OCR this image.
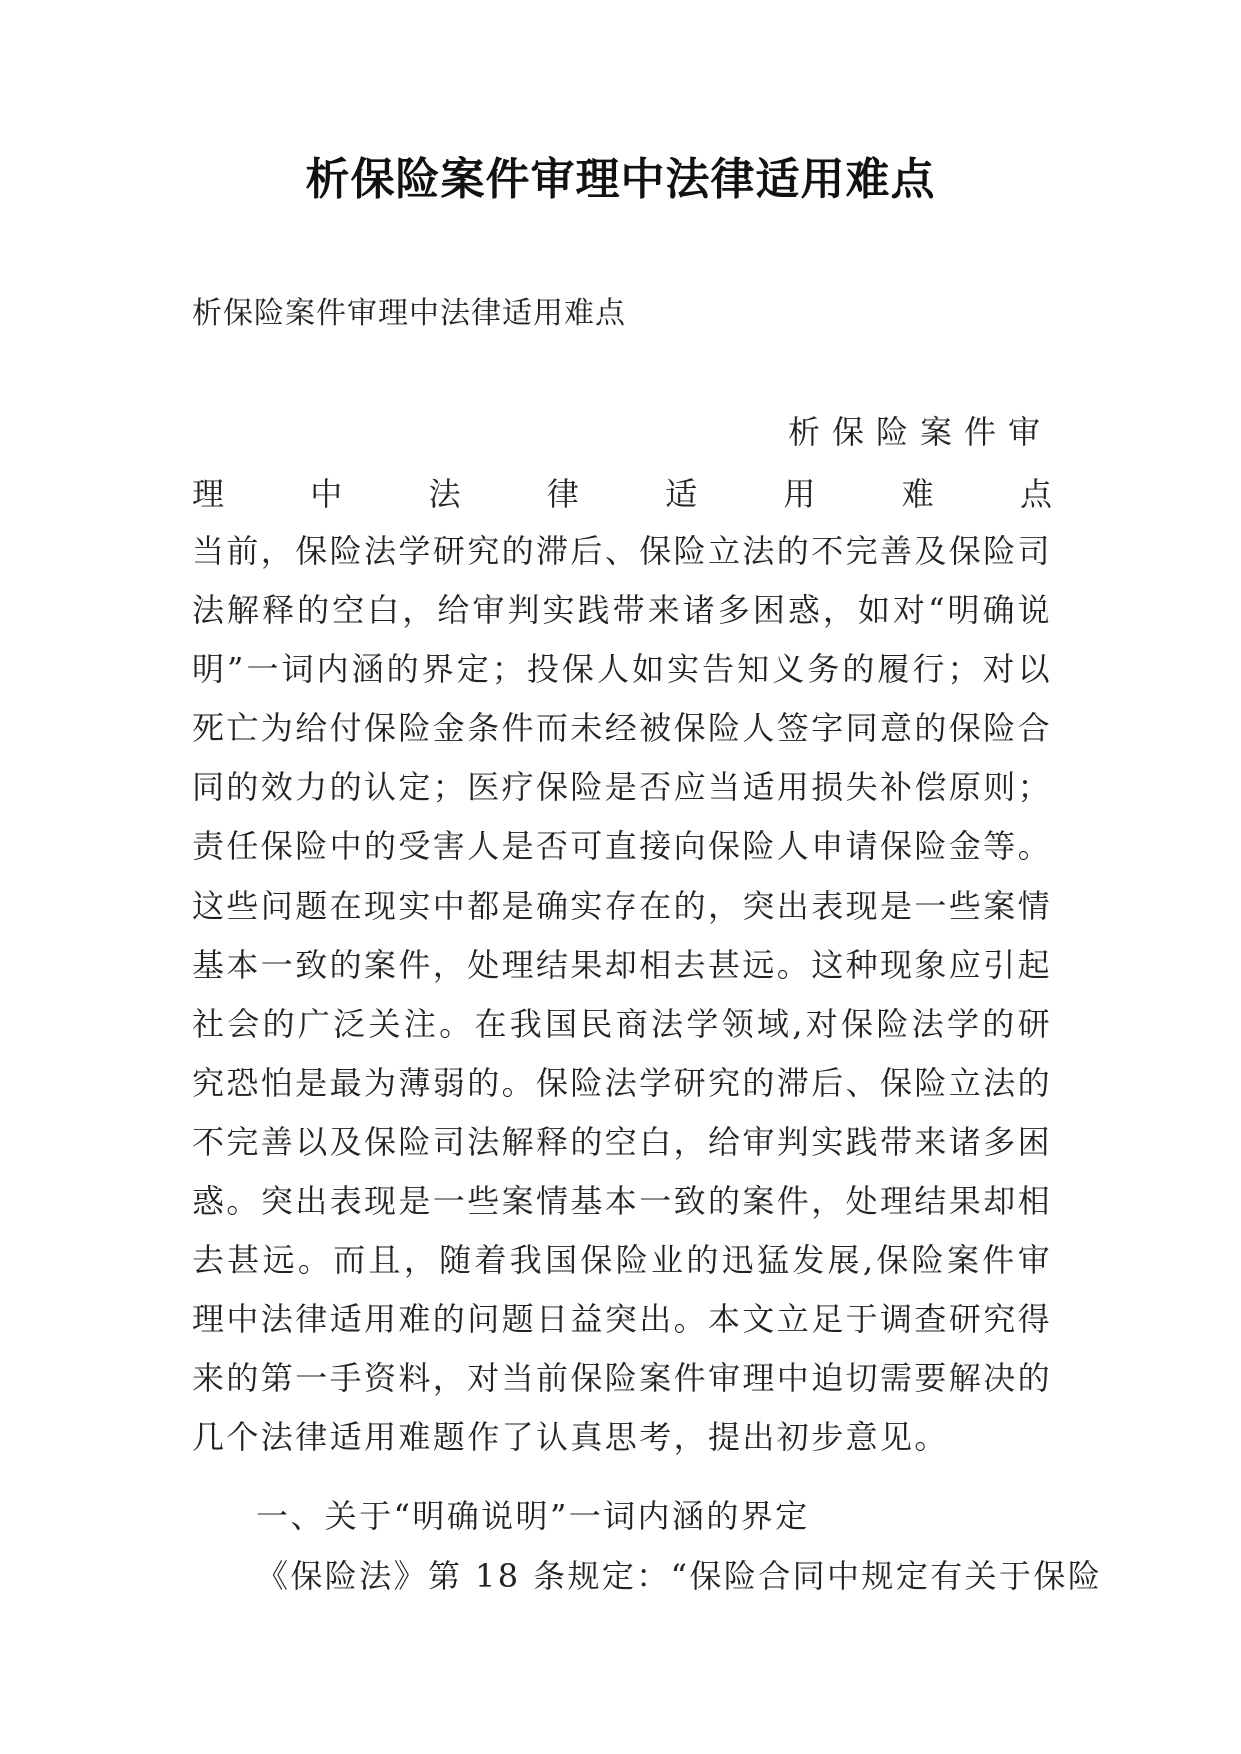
析保险案件审理中法律适用难点
析保险案件审理中法律适用难点
析保险案件审
理	中	法	律	适	用	难	点
当前，保险法学研究的滞后、保险立法的不完善及保险司法解释的空白，给审判实践带来诸多困惑，如对“明确说明”一词内涵的界定；投保人如实告知义务的履行；对以死亡为给付保险金条件而未经被保险人签字同意的保险合同的效力的认定；医疗保险是否应当适用损失补偿原则；责任保险中的受害人是否可直接向保险人申请保险金等。这些问题在现实中都是确实存在的，突出表现是一些案情基本一致的案件，处理结果却相去甚远。这种现象应引起社会的广泛关注。在我国民商法学领域,对保险法学的研究恐怕是最为薄弱的。保险法学研究的滞后、保险立法的不完善以及保险司法解释的空白，给审判实践带来诸多困惑。突出表现是一些案情基本一致的案件，处理结果却相去甚远。而且，随着我国保险业的迅猛发展,保险案件审理中法律适用难的问题日益突出。本文立足于调查研究得来的第一手资料，对当前保险案件审理中迫切需要解决的几个法律适用难题作了认真思考，提出初步意见。
一、关于“明确说明”一词内涵的界定
《保险法》第 18 条规定：“保险合同中规定有关于保险
